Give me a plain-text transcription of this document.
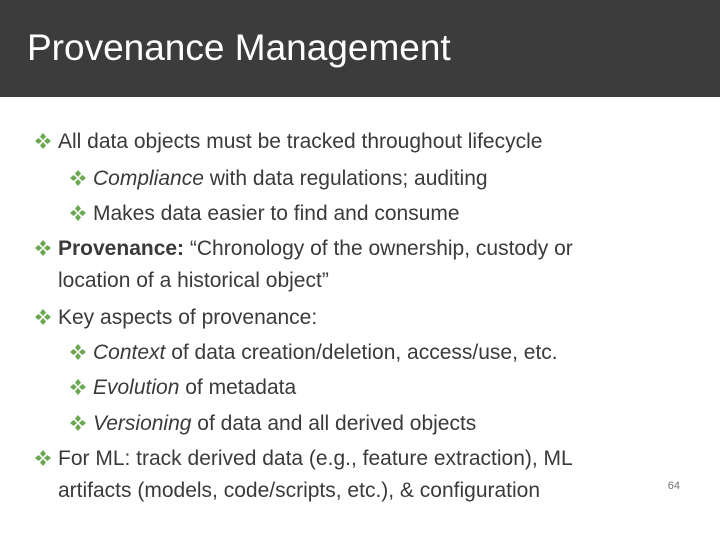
Provenance Management
All data objects must be tracked throughout lifecycle
Compliance with data regulations; auditing
Makes data easier to find and consume
Provenance: “Chronology of the ownership, custody or
location of a historical object”
Key aspects of provenance:
Context of data creation/deletion, access/use, etc.
Evolution of metadata
Versioning of data and all derived objects
For ML: track derived data (e.g., feature extraction), ML
artifacts (models, code/scripts, etc.), & configuration	64
